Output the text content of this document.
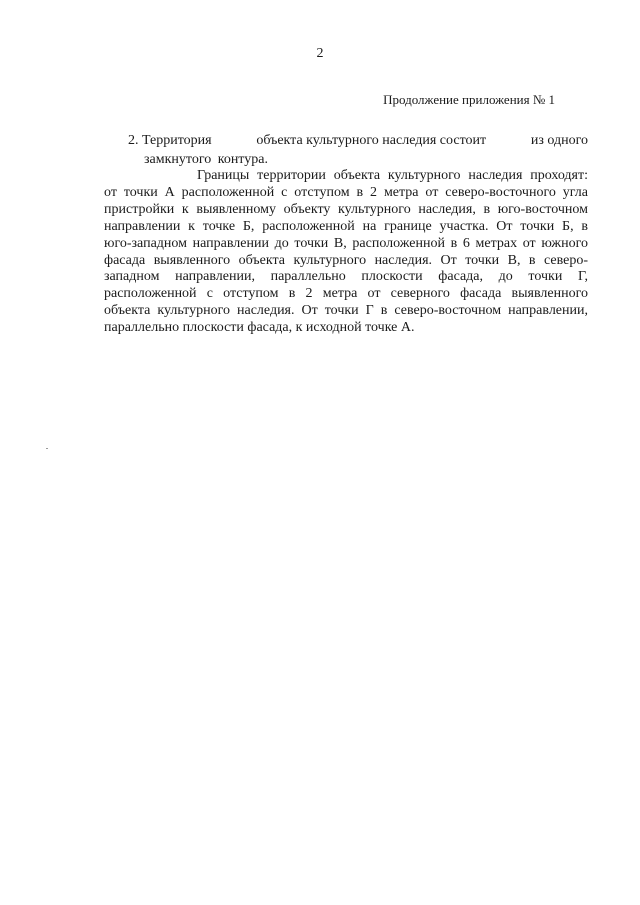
2
Продолжение приложения № 1
2. Территория	объекта культурного наследия состоит	из одного
замкнутого контура.

Границы территории объекта культурного наследия проходят:
от точки А расположенной с отступом в 2 метра от северо-восточного угла
пристройки к выявленному объекту культурного наследия, в юго-восточном
направлении к точке Б, расположенной на границе участка. От точки Б, в
юго-западном направлении до точки В, расположенной в 6 метрах от южного
фасада выявленного объекта культурного наследия. От точки В, в северо-
западном направлении, параллельно плоскости фасада, до точки Г,
расположенной с отступом в 2 метра от северного фасада выявленного
объекта культурного наследия. От точки Г в северо-восточном направлении,
параллельно плоскости фасада, к исходной точке А.
